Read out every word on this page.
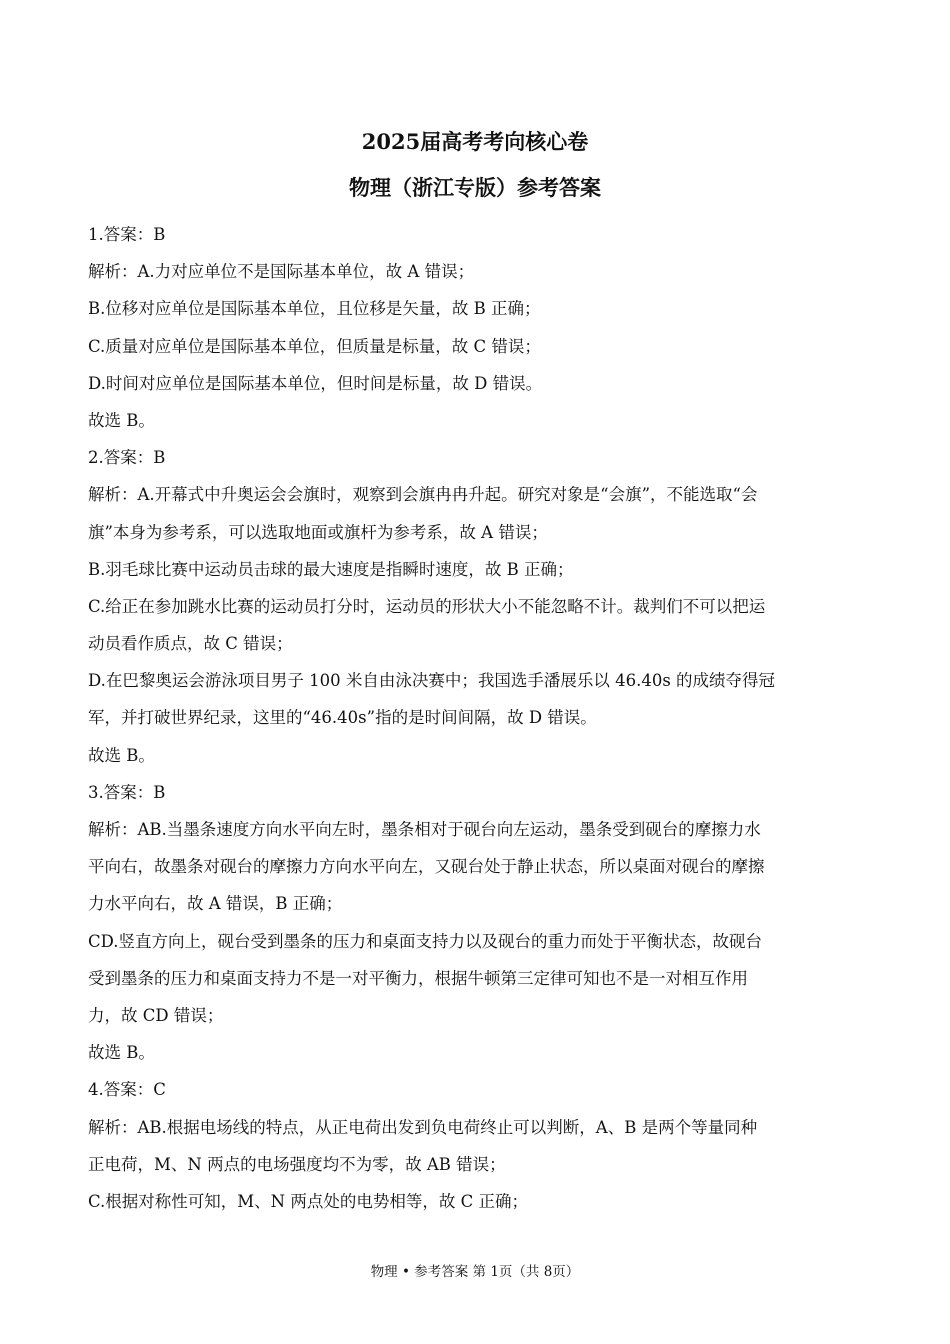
2025届高考考向核心卷
物理（浙江专版）参考答案
1.答案：B
解析：A.力对应单位不是国际基本单位，故 A 错误；
B.位移对应单位是国际基本单位，且位移是矢量，故 B 正确；
C.质量对应单位是国际基本单位，但质量是标量，故 C 错误；
D.时间对应单位是国际基本单位，但时间是标量，故 D 错误。
故选 B。
2.答案：B
解析：A.开幕式中升奥运会会旗时，观察到会旗冉冉升起。研究对象是“会旗”，不能选取“会
旗”本身为参考系，可以选取地面或旗杆为参考系，故 A 错误；
B.羽毛球比赛中运动员击球的最大速度是指瞬时速度，故 B 正确；
C.给正在参加跳水比赛的运动员打分时，运动员的形状大小不能忽略不计。裁判们不可以把运
动员看作质点，故 C 错误；
D.在巴黎奥运会游泳项目男子 100 米自由泳决赛中；我国选手潘展乐以 46.40s 的成绩夺得冠
军，并打破世界纪录，这里的“46.40s”指的是时间间隔，故 D 错误。
故选 B。
3.答案：B
解析：AB.当墨条速度方向水平向左时，墨条相对于砚台向左运动，墨条受到砚台的摩擦力水
平向右，故墨条对砚台的摩擦力方向水平向左，又砚台处于静止状态，所以桌面对砚台的摩擦
力水平向右，故 A 错误，B 正确；
CD.竖直方向上，砚台受到墨条的压力和桌面支持力以及砚台的重力而处于平衡状态，故砚台
受到墨条的压力和桌面支持力不是一对平衡力，根据牛顿第三定律可知也不是一对相互作用
力，故 CD 错误；
故选 B。
4.答案：C
解析：AB.根据电场线的特点，从正电荷出发到负电荷终止可以判断，A、B 是两个等量同种
正电荷，M、N 两点的电场强度均不为零，故 AB 错误；
C.根据对称性可知，M、N 两点处的电势相等，故 C 正确；
物理 • 参考答案 第 1页（共 8页）
